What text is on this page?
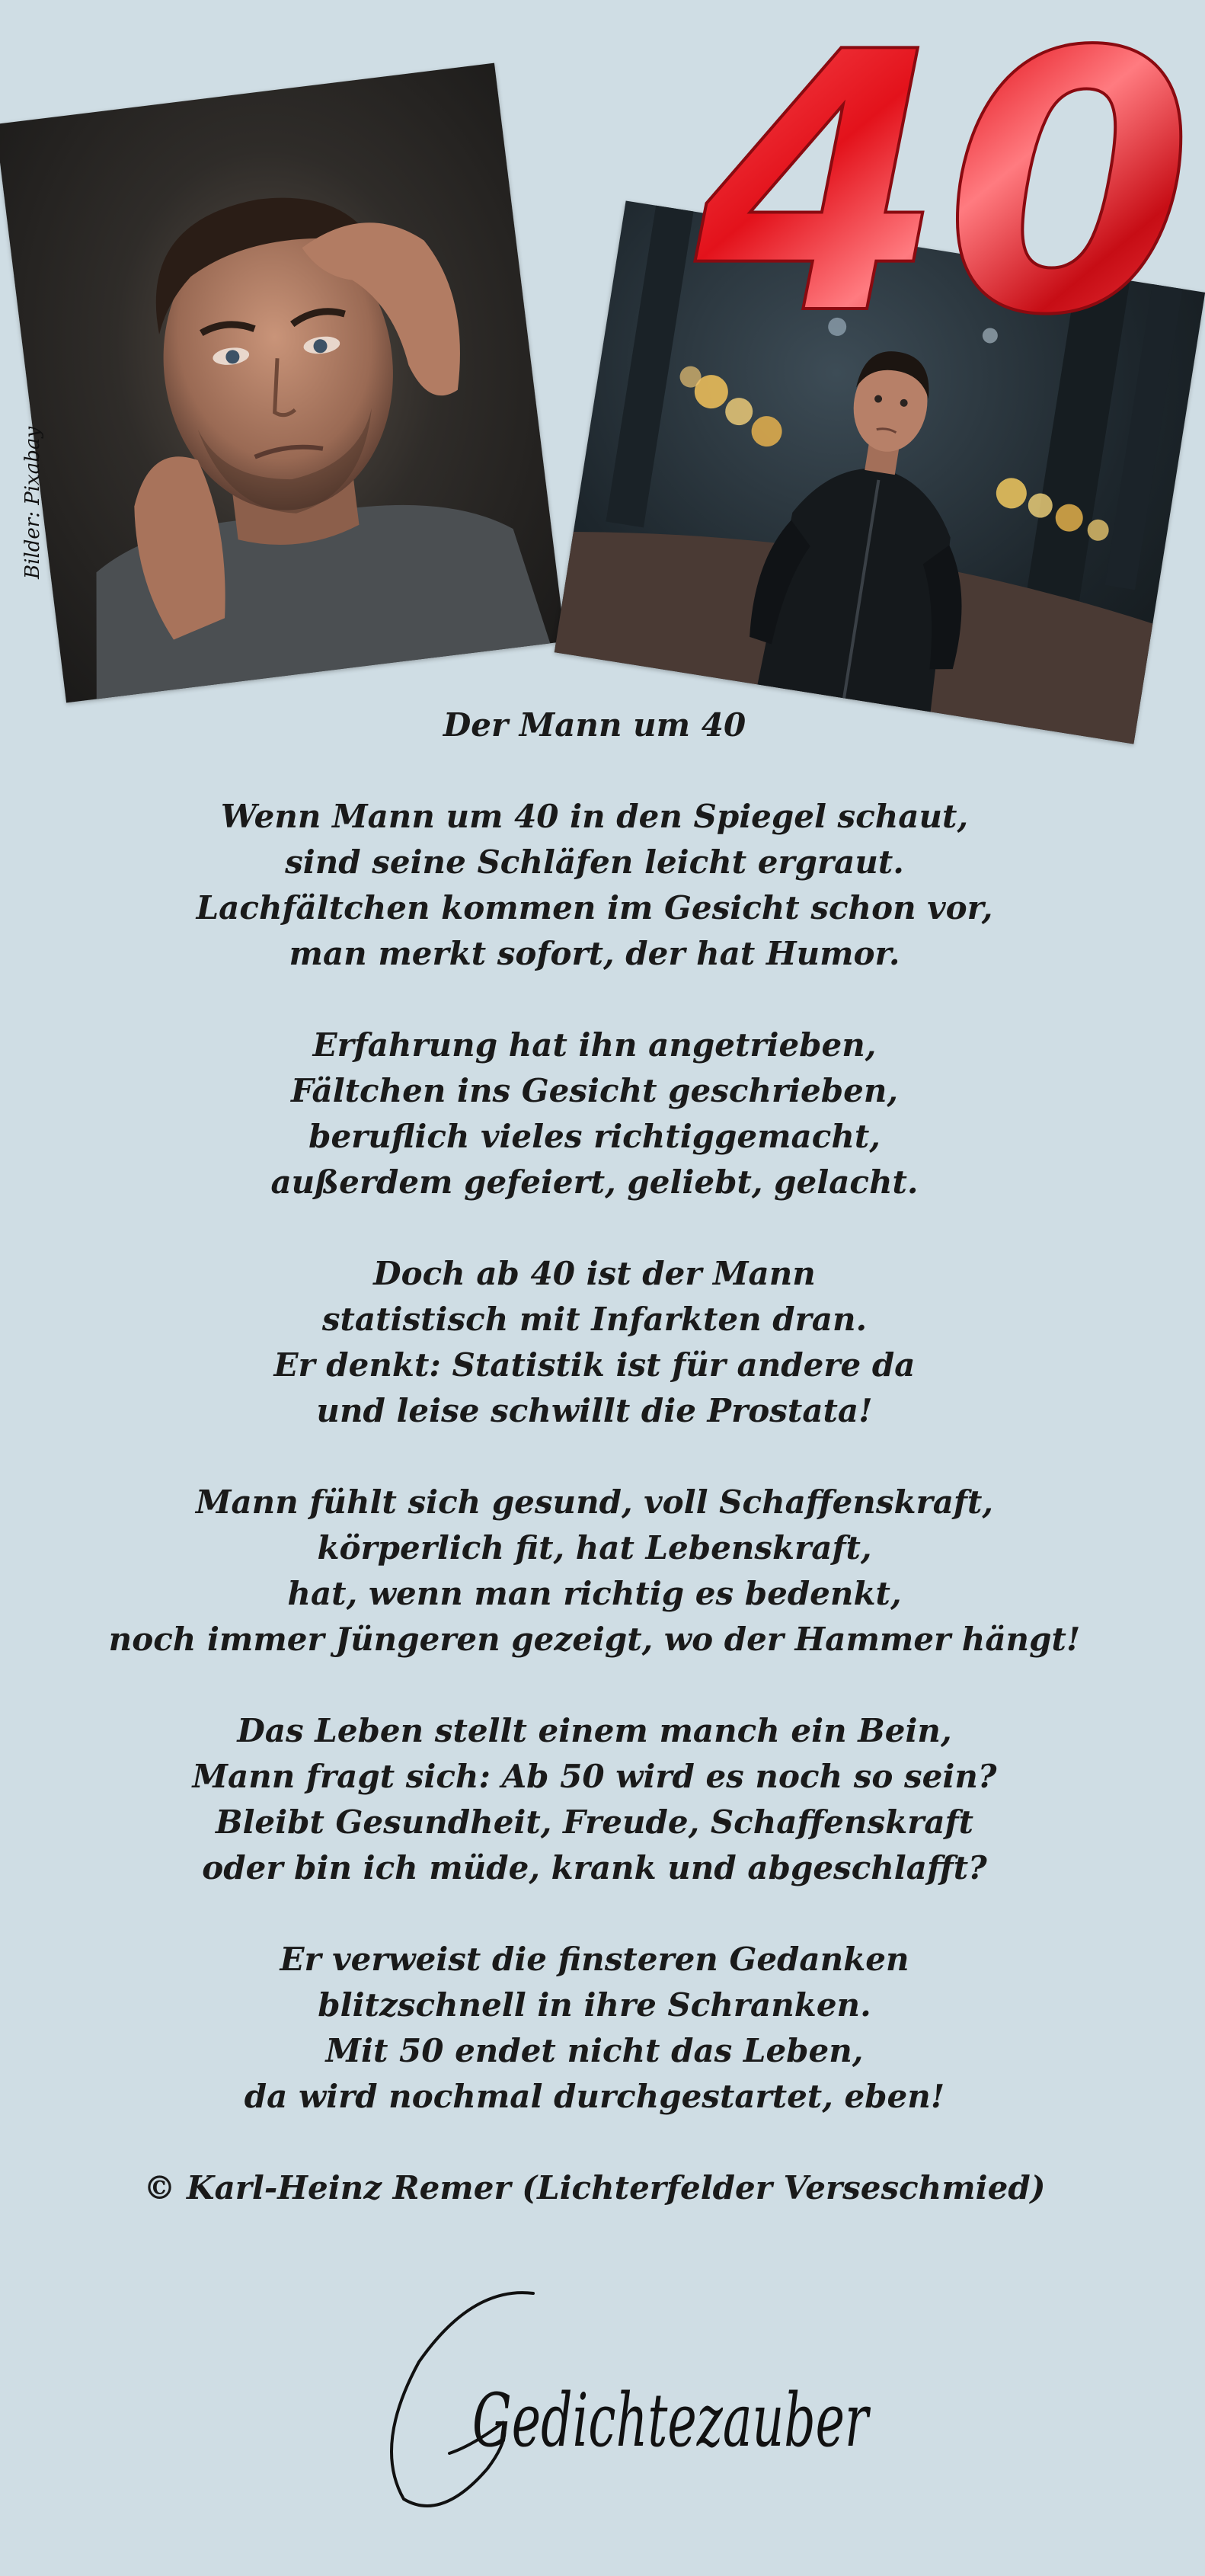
40
Bilder: Pixabay
Der Mann um 40
Wenn Mann um 40 in den Spiegel schaut,
sind seine Schläfen leicht ergraut.
Lachfältchen kommen im Gesicht schon vor,
man merkt sofort, der hat Humor.
Erfahrung hat ihn angetrieben,
Fältchen ins Gesicht geschrieben,
beruflich vieles richtiggemacht,
außerdem gefeiert, geliebt, gelacht.
Doch ab 40 ist der Mann
statistisch mit Infarkten dran.
Er denkt: Statistik ist für andere da
und leise schwillt die Prostata!
Mann fühlt sich gesund, voll Schaffenskraft,
körperlich fit, hat Lebenskraft,
hat, wenn man richtig es bedenkt,
noch immer Jüngeren gezeigt, wo der Hammer hängt!
Das Leben stellt einem manch ein Bein,
Mann fragt sich: Ab 50 wird es noch so sein?
Bleibt Gesundheit, Freude, Schaffenskraft
oder bin ich müde, krank und abgeschlafft?
Er verweist die finsteren Gedanken
blitzschnell in ihre Schranken.
Mit 50 endet nicht das Leben,
da wird nochmal durchgestartet, eben!
© Karl-Heinz Remer (Lichterfelder Verseschmied)
Gedichtezauber
